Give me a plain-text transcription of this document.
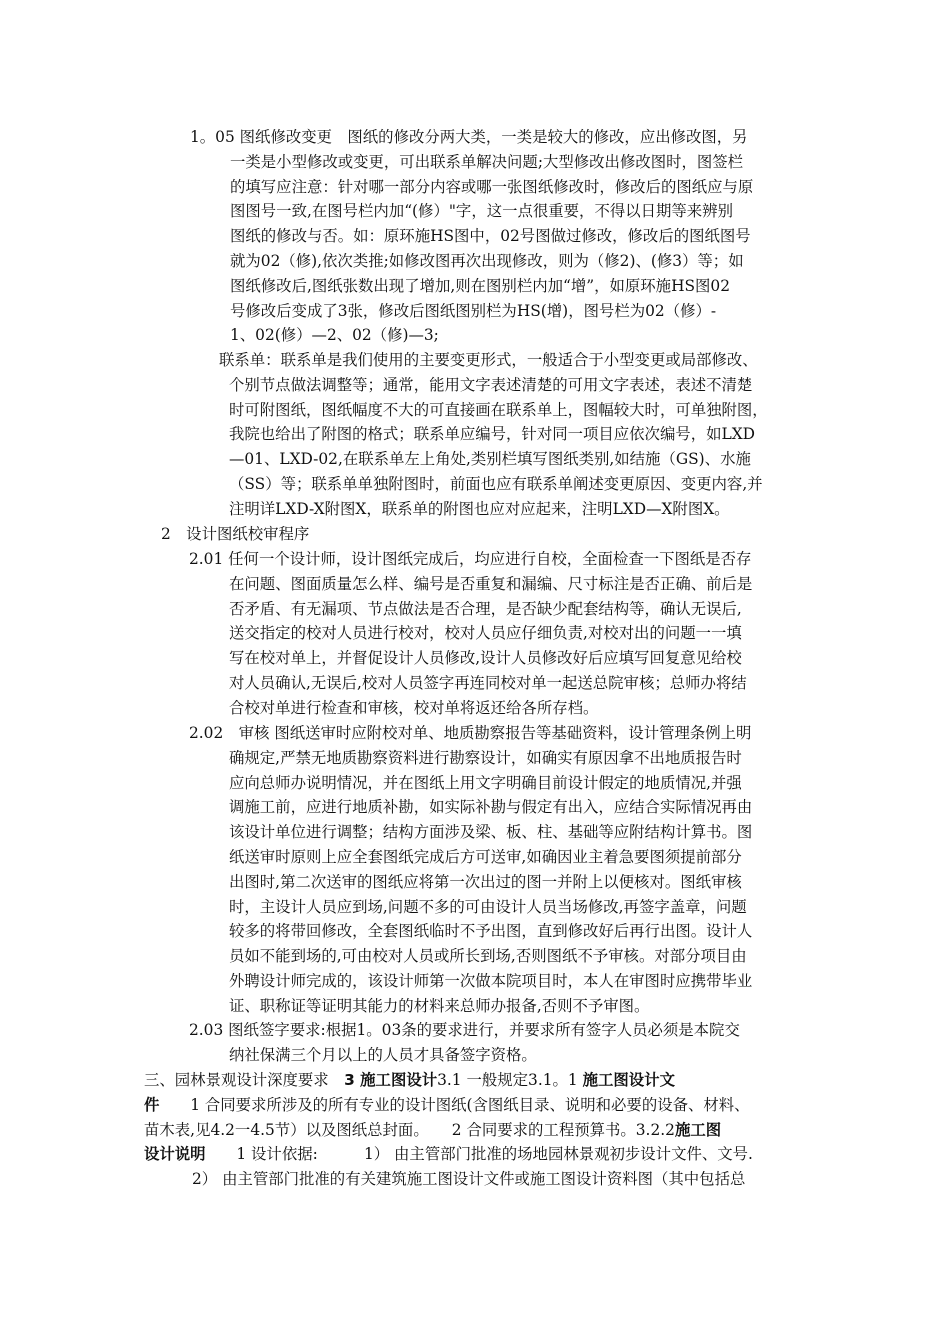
1。05 图纸修改变更　图纸的修改分两大类，一类是较大的修改，应出修改图，另
一类是小型修改或变更，可出联系单解决问题;大型修改出修改图时，图签栏
的填写应注意：针对哪一部分内容或哪一张图纸修改时，修改后的图纸应与原
图图号一致,在图号栏内加“(修）"字，这一点很重要，不得以日期等来辨别
图纸的修改与否。如：原环施HS图中，02号图做过修改，修改后的图纸图号
就为02（修),依次类推;如修改图再次出现修改，则为（修2)、(修3）等；如
图纸修改后,图纸张数出现了增加,则在图别栏内加“增”，如原环施HS图02
号修改后变成了3张，修改后图纸图别栏为HS(增)，图号栏为02（修）-
1、02(修）—2、02（修)—3;
联系单：联系单是我们使用的主要变更形式，一般适合于小型变更或局部修改、
个别节点做法调整等；通常，能用文字表述清楚的可用文字表述，表述不清楚
时可附图纸，图纸幅度不大的可直接画在联系单上，图幅较大时，可单独附图，
我院也给出了附图的格式；联系单应编号，针对同一项目应依次编号，如LXD
—01、LXD-02,在联系单左上角处,类别栏填写图纸类别,如结施（GS)、水施
（SS）等；联系单单独附图时，前面也应有联系单阐述变更原因、变更内容,并
注明详LXD-X附图X，联系单的附图也应对应起来，注明LXD—X附图X。
2　设计图纸校审程序
2.01 任何一个设计师，设计图纸完成后，均应进行自校，全面检查一下图纸是否存
在问题、图面质量怎么样、编号是否重复和漏编、尺寸标注是否正确、前后是
否矛盾、有无漏项、节点做法是否合理，是否缺少配套结构等，确认无误后,
送交指定的校对人员进行校对，校对人员应仔细负责,对校对出的问题一一填
写在校对单上，并督促设计人员修改,设计人员修改好后应填写回复意见给校
对人员确认,无误后,校对人员签字再连同校对单一起送总院审核；总师办将结
合校对单进行检查和审核，校对单将返还给各所存档。
2.02　审核 图纸送审时应附校对单、地质勘察报告等基础资料，设计管理条例上明
确规定,严禁无地质勘察资料进行勘察设计，如确实有原因拿不出地质报告时
应向总师办说明情况，并在图纸上用文字明确目前设计假定的地质情况,并强
调施工前，应进行地质补勘，如实际补勘与假定有出入，应结合实际情况再由
该设计单位进行调整；结构方面涉及梁、板、柱、基础等应附结构计算书。图
纸送审时原则上应全套图纸完成后方可送审,如确因业主着急要图须提前部分
出图时,第二次送审的图纸应将第一次出过的图一并附上以便核对。图纸审核
时，主设计人员应到场,问题不多的可由设计人员当场修改,再签字盖章，问题
较多的将带回修改，全套图纸临时不予出图，直到修改好后再行出图。设计人
员如不能到场的,可由校对人员或所长到场,否则图纸不予审核。对部分项目由
外聘设计师完成的，该设计师第一次做本院项目时，本人在审图时应携带毕业
证、职称证等证明其能力的材料来总师办报备,否则不予审图。
2.03 图纸签字要求:根据1。03条的要求进行，并要求所有签字人员必须是本院交
纳社保满三个月以上的人员才具备签字资格。
三、园林景观设计深度要求　3 施工图设计3.1 一般规定3.1。1 施工图设计文
件　　1 合同要求所涉及的所有专业的设计图纸(含图纸目录、说明和必要的设备、材料、
苗木表,见4.2一4.5节）以及图纸总封面。　　2 合同要求的工程预算书。3.2.2施工图
设计说明　　1 设计依据:　　　1） 由主管部门批准的场地园林景观初步设计文件、文号.
2） 由主管部门批准的有关建筑施工图设计文件或施工图设计资料图（其中包括总
